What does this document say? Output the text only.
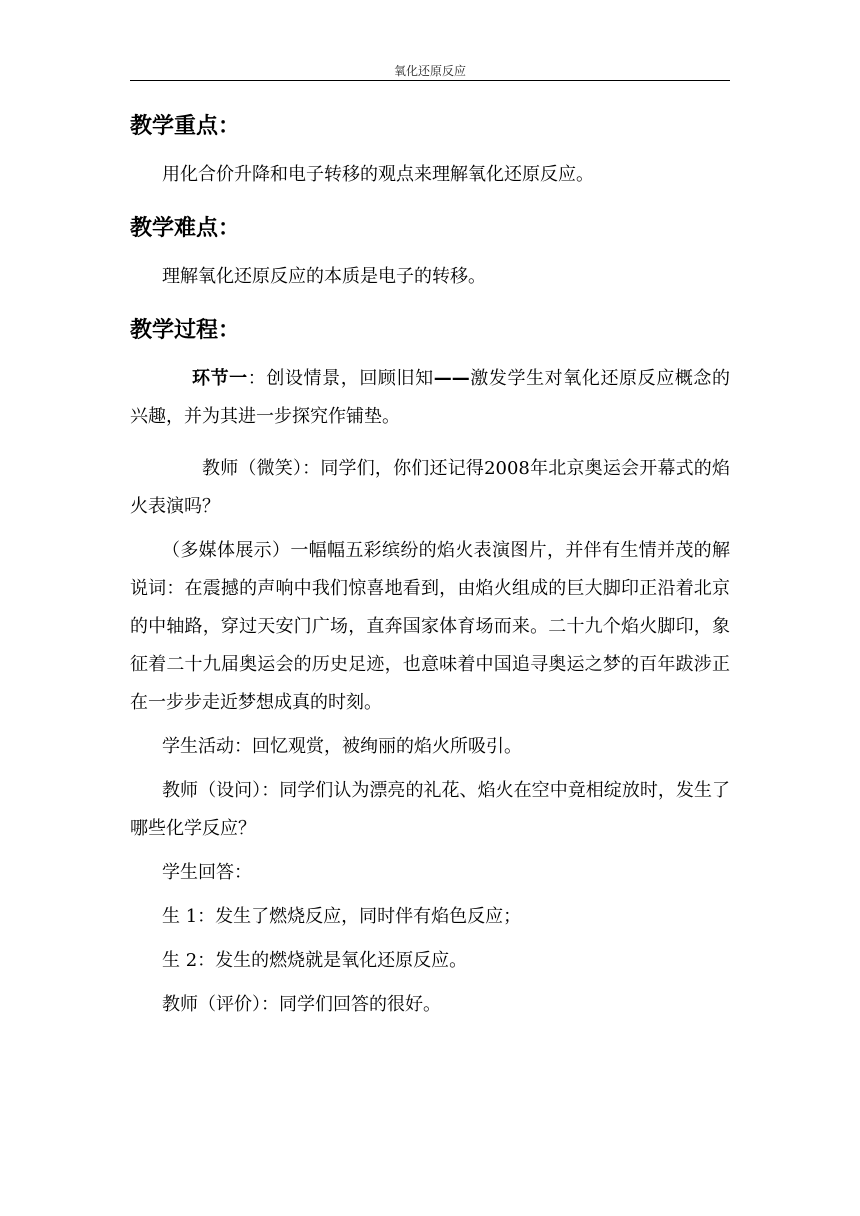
氧化还原反应
教学重点：

用化合价升降和电子转移的观点来理解氧化还原反应。

教学难点：

理解氧化还原反应的本质是电子的转移。

教学过程：

环节一：创设情景，回顾旧知——激发学生对氧化还原反应概念的兴趣，并为其进一步探究作铺垫。

教师（微笑）：同学们，你们还记得2008年北京奥运会开幕式的焰火表演吗？

（多媒体展示）一幅幅五彩缤纷的焰火表演图片，并伴有生情并茂的解说词：在震撼的声响中我们惊喜地看到，由焰火组成的巨大脚印正沿着北京的中轴路，穿过天安门广场，直奔国家体育场而来。二十九个焰火脚印，象征着二十九届奥运会的历史足迹，也意味着中国追寻奥运之梦的百年跋涉正在一步步走近梦想成真的时刻。

学生活动：回忆观赏，被绚丽的焰火所吸引。

教师（设问）：同学们认为漂亮的礼花、焰火在空中竟相绽放时，发生了哪些化学反应？

学生回答：

生 1：发生了燃烧反应，同时伴有焰色反应；

生 2：发生的燃烧就是氧化还原反应。

教师（评价）：同学们回答的很好。
